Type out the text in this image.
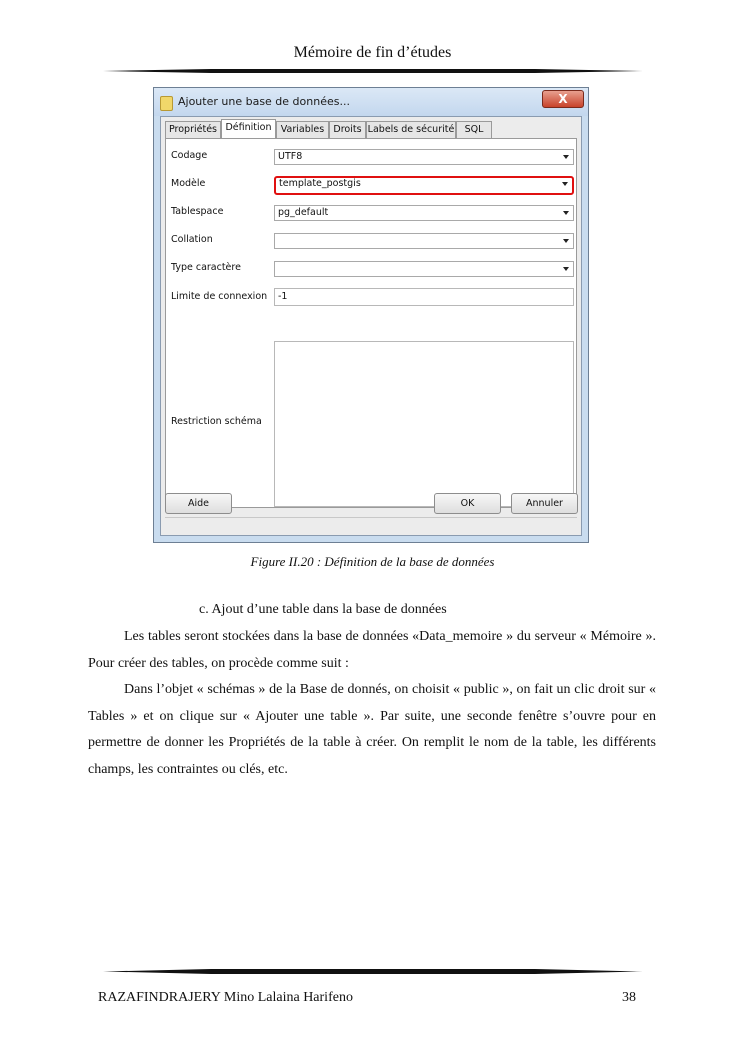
Mémoire de fin d’études
Ajouter une base de données...	X
Propriétés Définition Variables Droits Labels de sécurité	SQL
Codage	UTF8
Modèle	template_postgis
Tablespace	pg_default
Collation
Type caractère
Limite de connexion	-1
Restriction schéma
Aide	OK	Annuler
Figure II.20 : Définition de la base de données
c. Ajout d’une table dans la base de données
Les tables seront stockées dans la base de données «Data_memoire » du serveur « Mémoire ». Pour créer des tables, on procède comme suit :
Dans l’objet « schémas » de la Base de donnés, on choisit « public », on fait un clic droit sur « Tables » et on clique sur « Ajouter une table ». Par suite, une seconde fenêtre s’ouvre pour en permettre de donner les Propriétés de la table à créer. On remplit le nom de la table, les différents champs, les contraintes ou clés, etc.
RAZAFINDRAJERY Mino Lalaina Harifeno	38
